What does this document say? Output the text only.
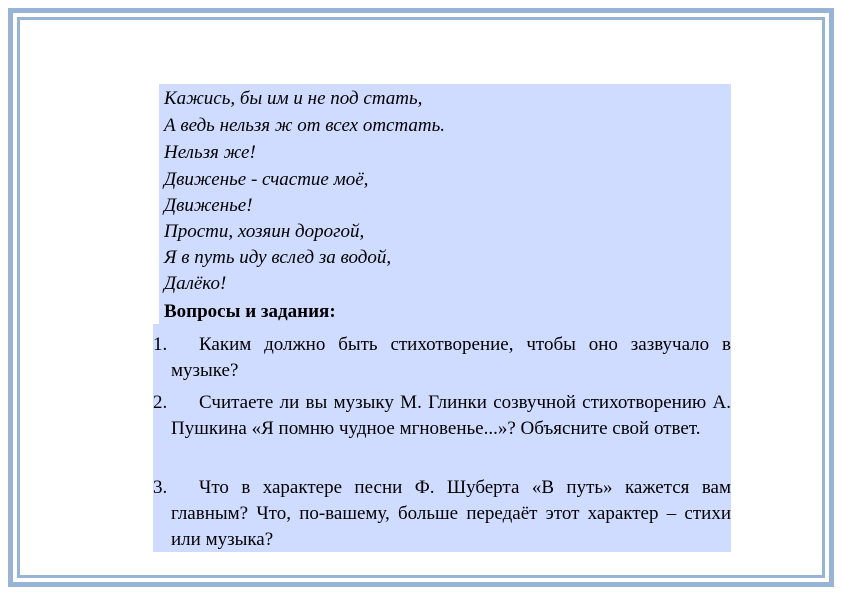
Кажись, бы им и не под стать,
А ведь нельзя ж от всех отстать.
Нельзя же!
Движенье - счастие моё,
Движенье!
Прости, хозяин дорогой,
Я в путь иду вслед за водой,
Далёко!
Вопросы и задания:
1.	Каким должно быть стихотворение, чтобы оно зазвучало в музыке?
2.	Считаете ли вы музыку М. Глинки созвучной стихотворению А. Пушкина «Я помню чудное мгновенье...»? Объясните свой ответ.
3.	Что в характере песни Ф. Шуберта «В путь» кажется вам главным? Что, по-вашему, больше передаёт этот характер – стихи или музыка?
